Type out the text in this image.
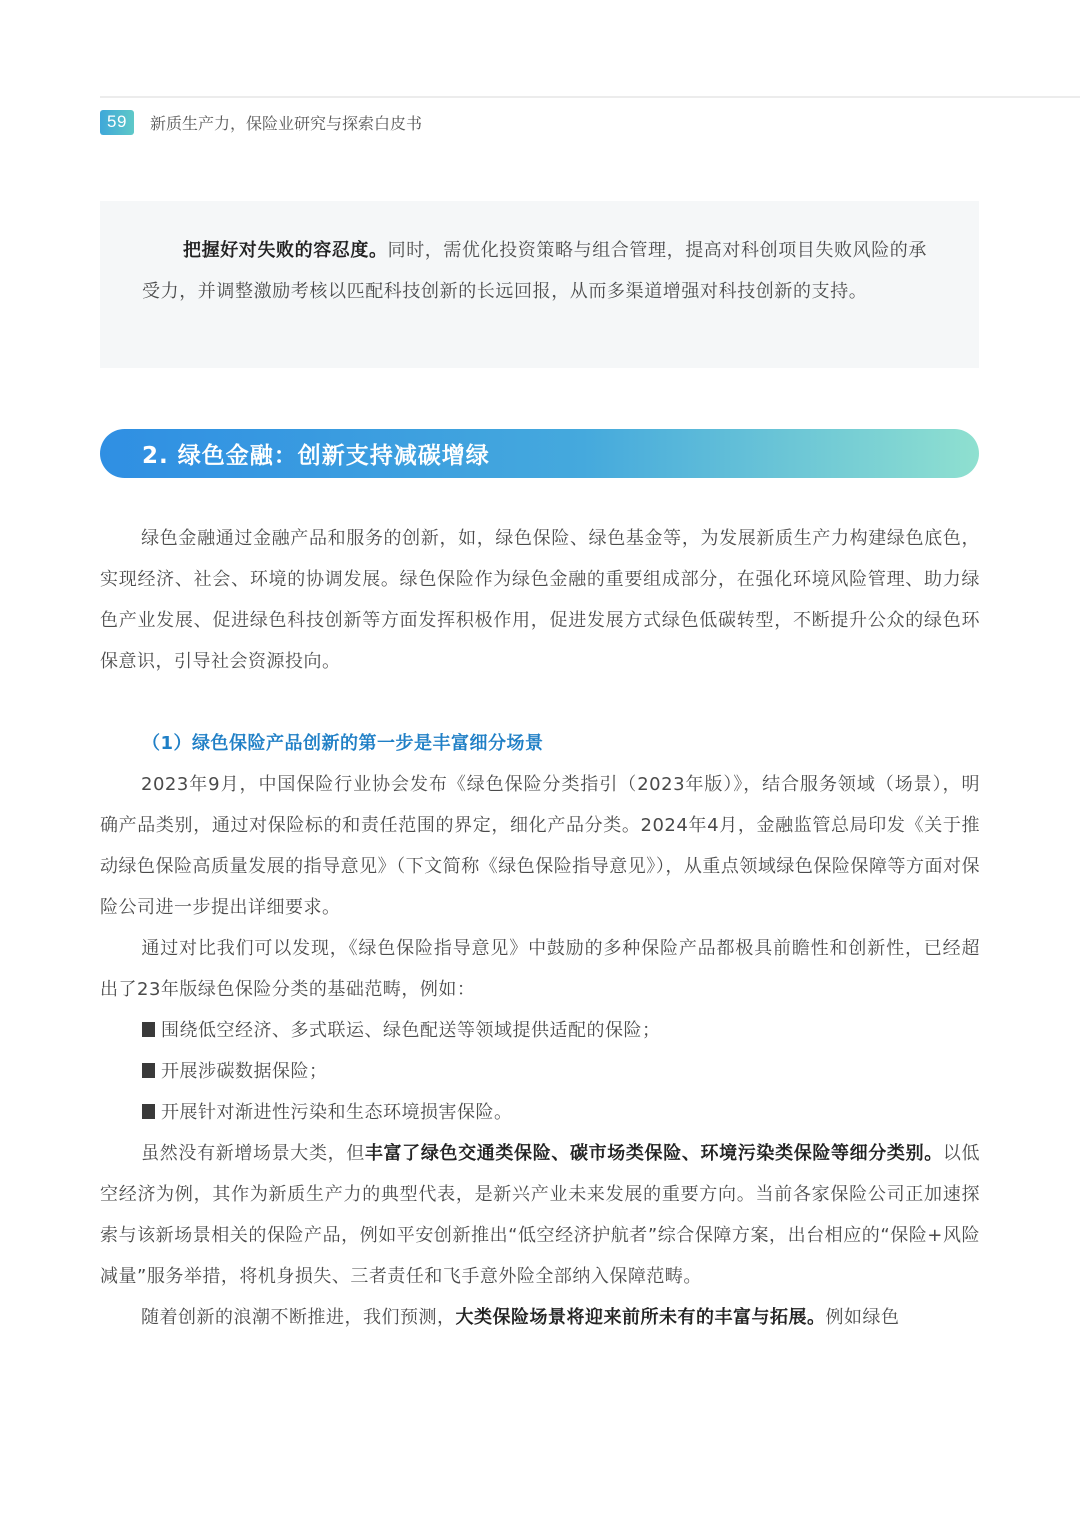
59	新质生产力，保险业研究与探索白皮书

把握好对失败的容忍度。同时，需优化投资策略与组合管理，提高对科创项目失败风险的承受力，并调整激励考核以匹配科技创新的长远回报，从而多渠道增强对科技创新的支持。

2. 绿色金融：创新支持减碳增绿

绿色金融通过金融产品和服务的创新，如，绿色保险、绿色基金等，为发展新质生产力构建绿色底色，实现经济、社会、环境的协调发展。绿色保险作为绿色金融的重要组成部分，在强化环境风险管理、助力绿色产业发展、促进绿色科技创新等方面发挥积极作用，促进发展方式绿色低碳转型，不断提升公众的绿色环保意识，引导社会资源投向。

（1）绿色保险产品创新的第一步是丰富细分场景

2023年9月，中国保险行业协会发布《绿色保险分类指引（2023年版）》，结合服务领域（场景），明确产品类别，通过对保险标的和责任范围的界定，细化产品分类。2024年4月，金融监管总局印发《关于推动绿色保险高质量发展的指导意见》（下文简称《绿色保险指导意见》），从重点领域绿色保险保障等方面对保险公司进一步提出详细要求。

通过对比我们可以发现，《绿色保险指导意见》中鼓励的多种保险产品都极具前瞻性和创新性，已经超出了23年版绿色保险分类的基础范畴，例如：

围绕低空经济、多式联运、绿色配送等领域提供适配的保险；

开展涉碳数据保险；

开展针对渐进性污染和生态环境损害保险。

虽然没有新增场景大类，但丰富了绿色交通类保险、碳市场类保险、环境污染类保险等细分类别。以低空经济为例，其作为新质生产力的典型代表，是新兴产业未来发展的重要方向。当前各家保险公司正加速探索与该新场景相关的保险产品，例如平安创新推出“低空经济护航者”综合保障方案，出台相应的“保险+风险减量”服务举措，将机身损失、三者责任和飞手意外险全部纳入保障范畴。

随着创新的浪潮不断推进，我们预测，大类保险场景将迎来前所未有的丰富与拓展。例如绿色
